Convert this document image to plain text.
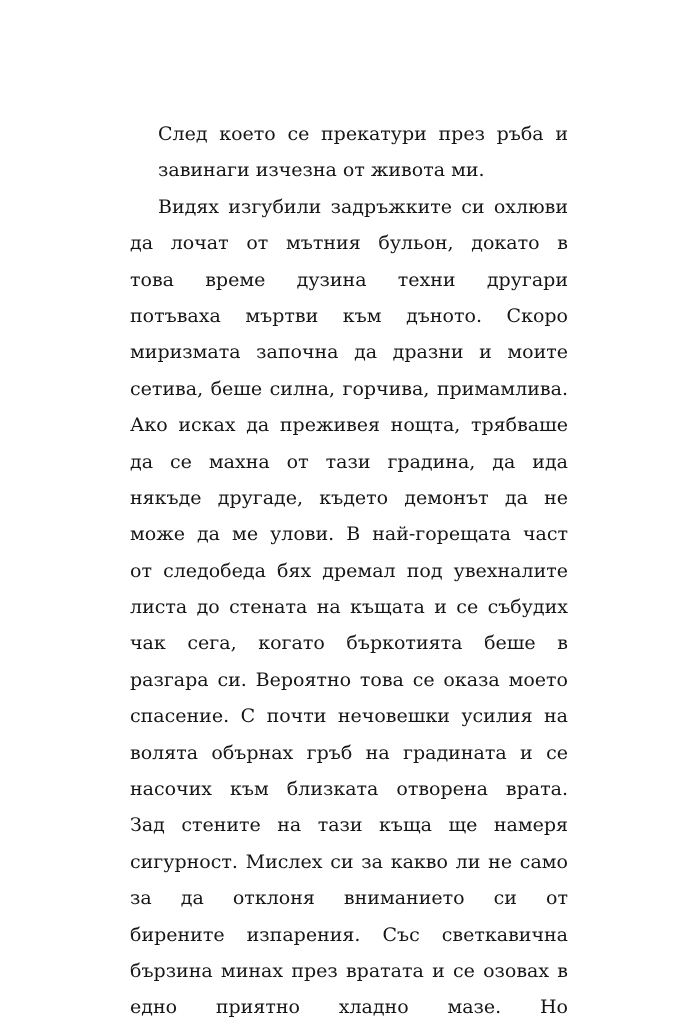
След което се прекатури през ръба и
завинаги изчезна от живота ми.
Видях изгубили задръжките си охлюви
да лочат от мътния бульон, докато в
това време дузина техни другари
потъваха мъртви към дъното. Скоро
миризмата започна да дразни и моите
сетива, беше силна, горчива, примамлива.
Ако исках да преживея нощта, трябваше
да се махна от тази градина, да ида
някъде другаде, където демонът да не
може да ме улови. В най-горещата част
от следобеда бях дремал под увехналите
листа до стената на къщата и се събудих
чак сега, когато бъркотията беше в
разгара си. Вероятно това се оказа моето
спасение. С почти нечовешки усилия на
волята обърнах гръб на градината и се
насочих към близката отворена врата.
Зад стените на тази къща ще намеря
сигурност. Мислех си за какво ли не само
за да отклоня вниманието си от
бирените изпарения. Със светкавична
бързина минах през вратата и се озовах в
едно приятно хладно мазе. Но
